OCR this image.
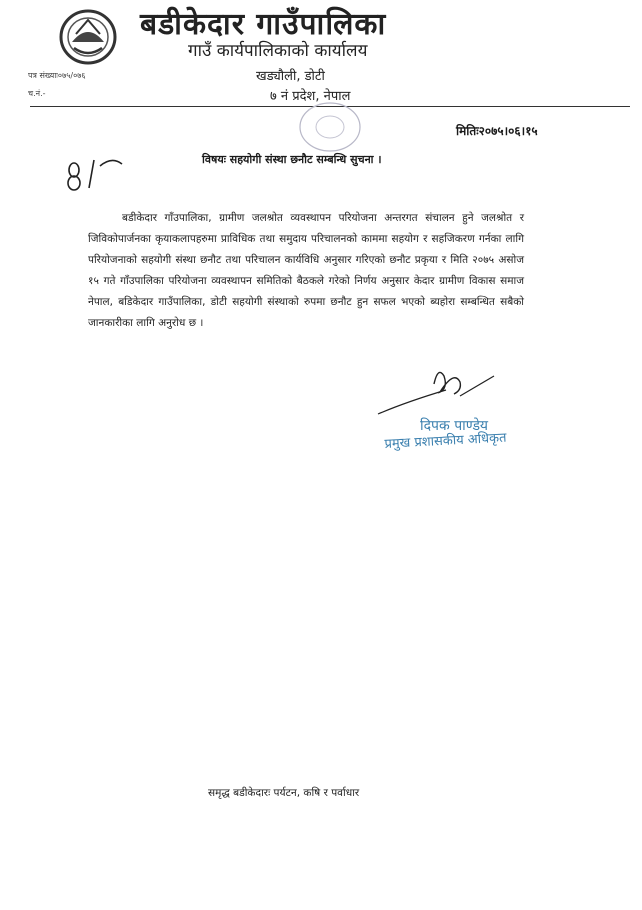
बडीकेदार गाउँपालिका
गाउँ कार्यपालिकाको कार्यालय
खड्यौली, डोटी
७ नं प्रदेश, नेपाल
पत्र संख्याः०७५/०७६
च.नं.-
मितिः२०७५।०६।१५
विषयः सहयोगी संस्था छनौट सम्बन्धि सुचना ।
बडीकेदार गाँउपालिका, ग्रामीण जलश्रोत व्यवस्थापन परियोजना अन्तरगत संचालन हुने जलश्रोत र जिविकोपार्जनका कृयाकलापहरुमा प्राविधिक तथा समुदाय परिचालनको काममा सहयोग र सहजिकरण गर्नका लागि परियोजनाको सहयोगी संस्था छनौट तथा परिचालन कार्यविधि अनुसार गरिएको छनौट प्रकृया र मिति २०७५ असोज १५ गते गाँउपालिका परियोजना व्यवस्थापन समितिको बैठकले गरेको निर्णय अनुसार केदार ग्रामीण विकास समाज नेपाल, बडिकेदार गाउँपालिका, डोटी सहयोगी संस्थाको रुपमा छनौट हुन सफल भएको ब्यहोरा सम्बन्धित सबैको जानकारीका लागि अनुरोध छ ।
दिपक पाण्डेय
प्रमुख प्रशासकीय अधिकृत
समृद्ध बडीकेदारः पर्यटन, कषि र पर्वाधार
